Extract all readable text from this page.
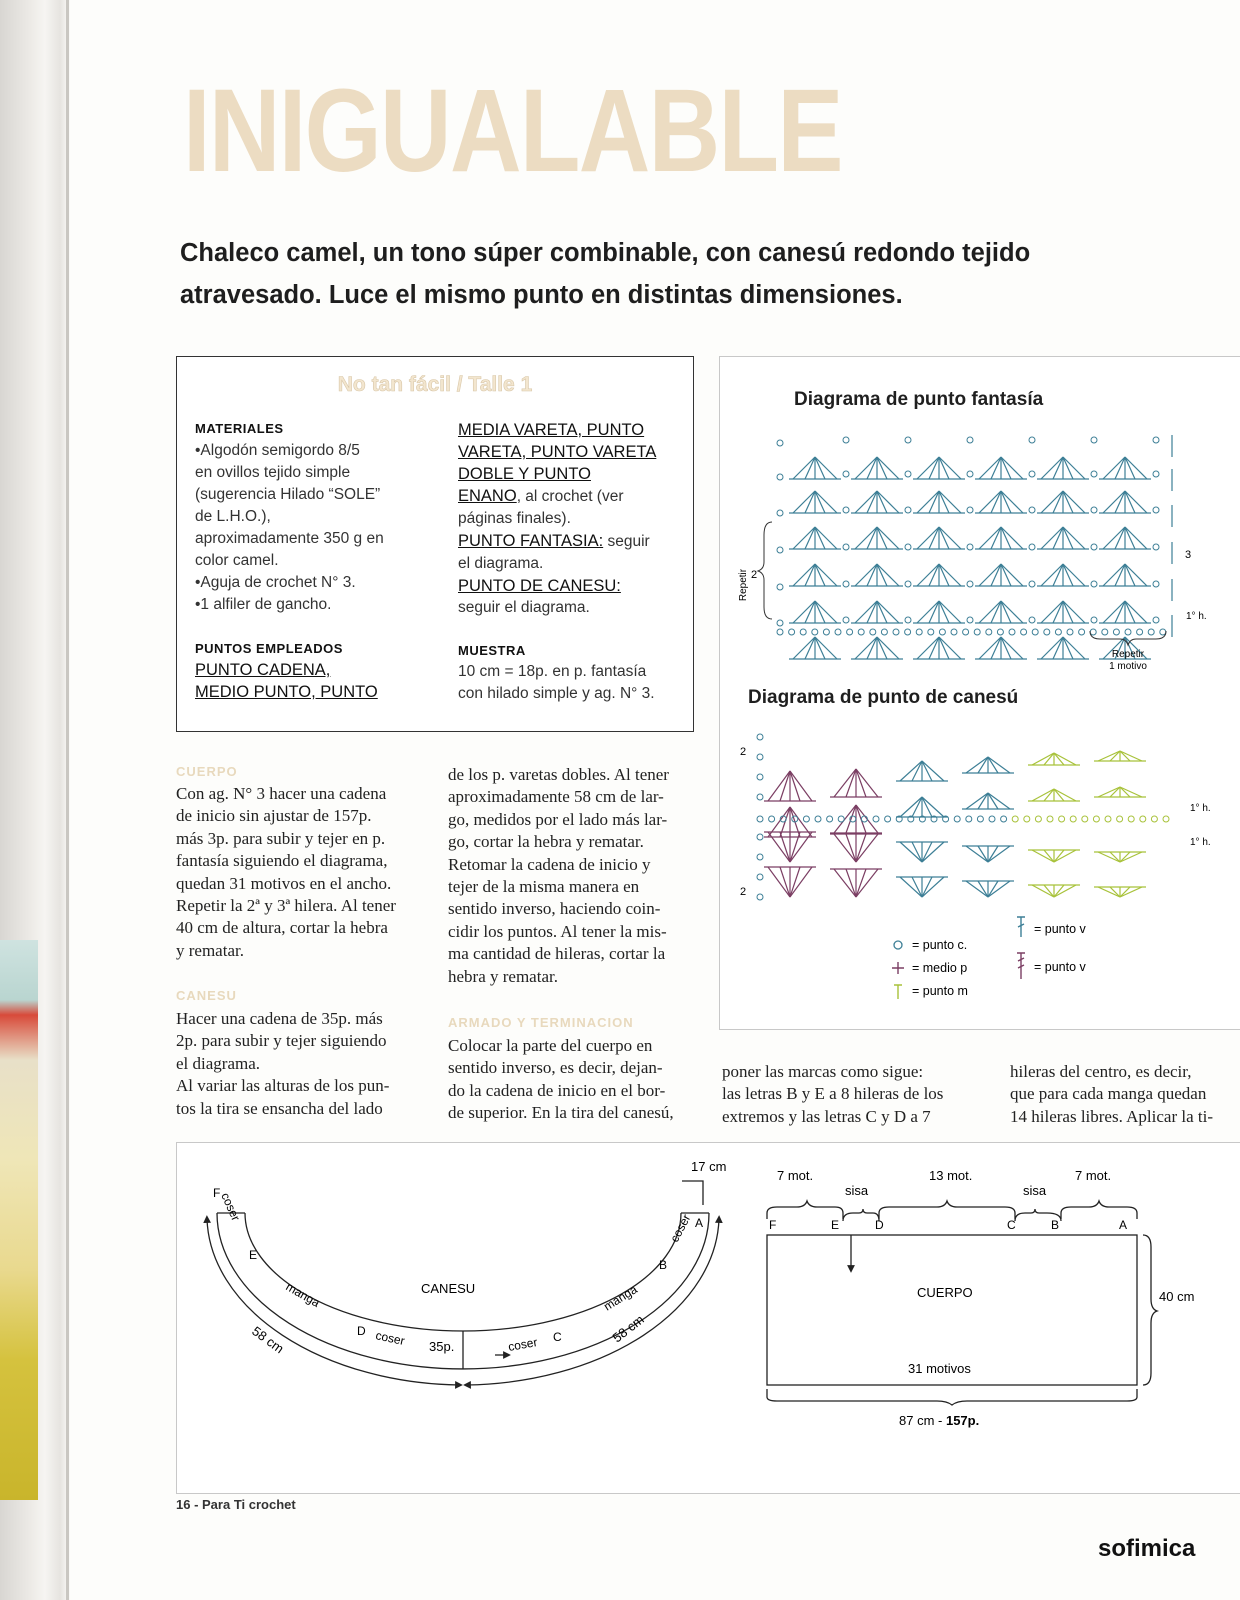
INIGUALABLE
Chaleco camel, un tono súper combinable, con canesú redondo tejido atravesado. Luce el mismo punto en distintas dimensiones.
No tan fácil / Talle 1
MATERIALES
•Algodón semigordo 8/5
en ovillos tejido simple
(sugerencia Hilado “SOLE”
de L.H.O.),
aproximadamente 350 g en
color camel.
•Aguja de crochet N° 3.
•1 alfiler de gancho.
PUNTOS EMPLEADOS
PUNTO CADENA,
MEDIO PUNTO, PUNTO
MEDIA VARETA, PUNTO
VARETA, PUNTO VARETA
DOBLE Y PUNTO
ENANO, al crochet (ver
páginas finales).
PUNTO FANTASIA: seguir
el diagrama.
PUNTO DE CANESU:
seguir el diagrama.
MUESTRA
10 cm = 18p. en p. fantasía
con hilado simple y ag. N° 3.
CUERPO
Con ag. N° 3 hacer una cadena
de inicio sin ajustar de 157p.
más 3p. para subir y tejer en p.
fantasía siguiendo el diagrama,
quedan 31 motivos en el ancho.
Repetir la 2ª y 3ª hilera. Al tener
40 cm de altura, cortar la hebra
y rematar.
CANESU
Hacer una cadena de 35p. más
2p. para subir y tejer siguiendo
el diagrama.
Al variar las alturas de los pun-
tos la tira se ensancha del lado
de los p. varetas dobles. Al tener
aproximadamente 58 cm de lar-
go, medidos por el lado más lar-
go, cortar la hebra y rematar.
Retomar la cadena de inicio y
tejer de la misma manera en
sentido inverso, haciendo coin-
cidir los puntos. Al tener la mis-
ma cantidad de hileras, cortar la
hebra y rematar.
ARMADO Y TERMINACION
Colocar la parte del cuerpo en
sentido inverso, es decir, dejan-
do la cadena de inicio en el bor-
de superior. En la tira del canesú,
poner las marcas como sigue:
las letras B y E a 8 hileras de los
extremos y las letras C y D a 7
hileras del centro, es decir,
que para cada manga quedan
14 hileras libres. Aplicar la ti-
Diagrama de punto fantasía
Repetir 2
3
1° h.
Repetir
1 motivo
2
2
1° h.
1° h.
= punto c.
= medio p
= punto m
= punto v
= punto v
Diagrama de punto de canesú
CANESU
17 cm
35p.
58 cm	58 cm
manga	manga
coser
coser	coser
coser
F
E
D	C
B
A
7 mot.	13 mot.	7 mot.
sisa	sisa
F	E	D	C	B	A
CUERPO	40 cm
31 motivos
87 cm - 157p.
16 - Para Ti crochet
sofimica
